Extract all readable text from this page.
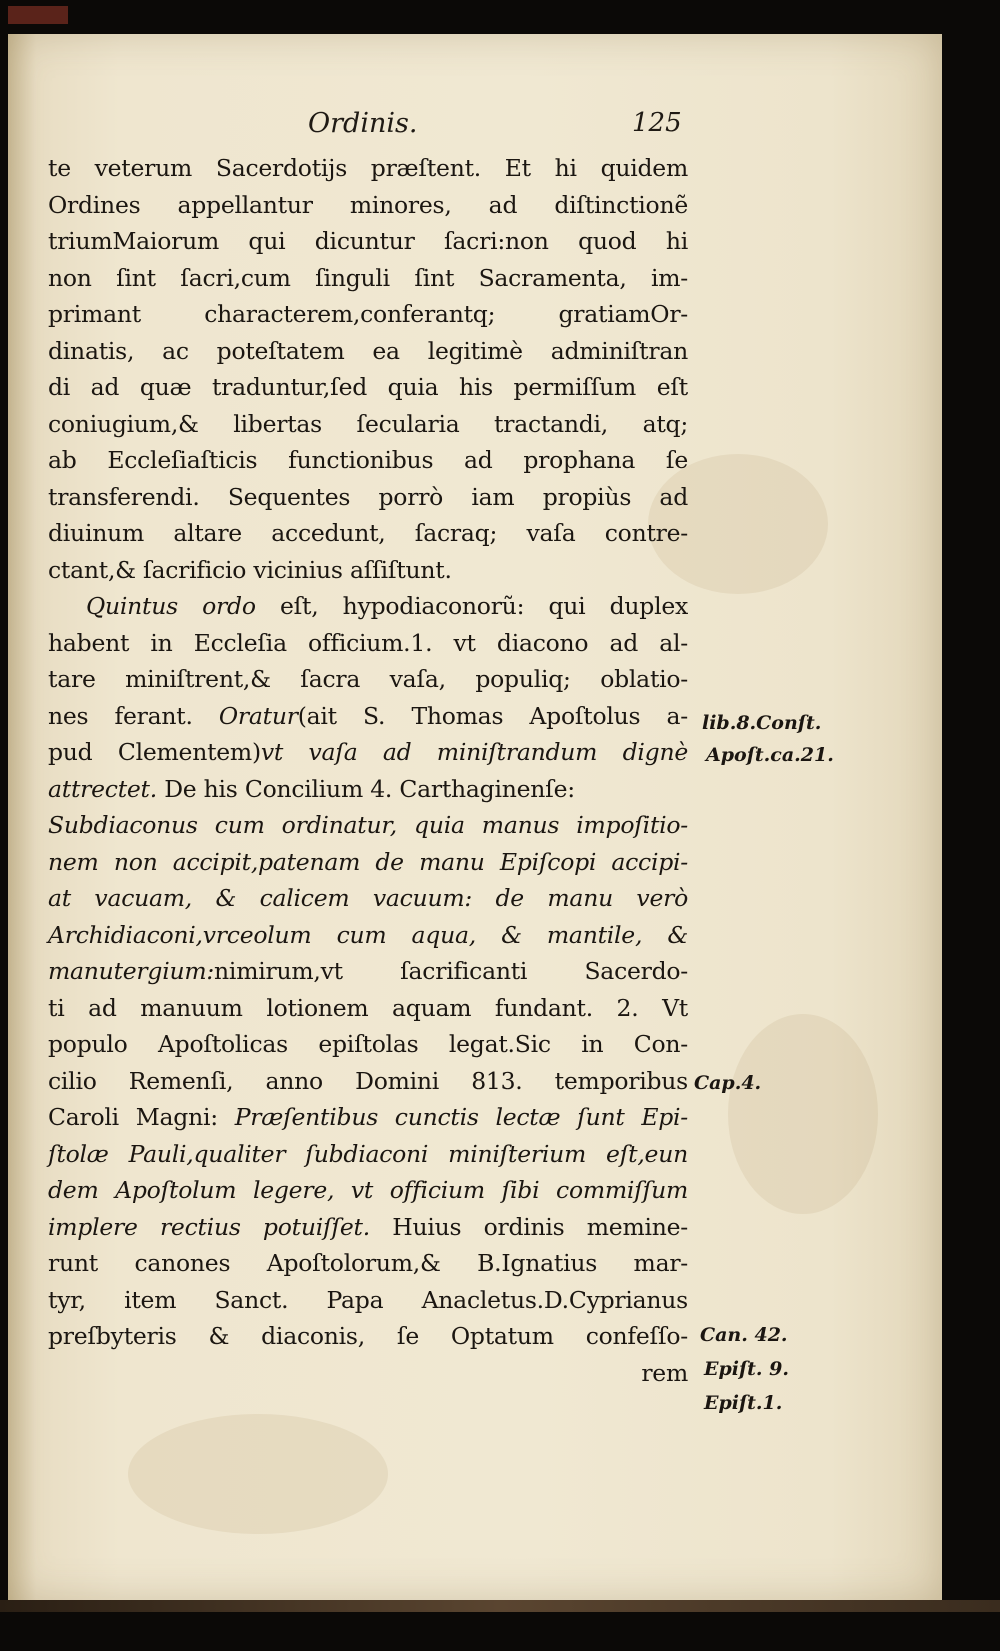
Ordinis.	125
te veterum Sacerdotijs præſtent. Et hi quidem
Ordines appellantur minores, ad diſtinctionẽ
triumMaiorum qui dicuntur ſacri:non quod hi
non ſint ſacri,cum ſinguli ſint Sacramenta, im-
primant characterem,conferantq; gratiamOr-
dinatis, ac poteſtatem ea legitimè adminiſtran
di ad quæ traduntur,ſed quia his permiſſum eſt
coniugium,& libertas ſecularia tractandi, atq;
ab Eccleſiaſticis functionibus ad prophana ſe
transferendi. Sequentes porrò iam propiùs ad
diuinum altare accedunt, ſacraq; vaſa contre-
ctant,& ſacrificio vicinius aſſiſtunt.
Quintus ordo eſt, hypodiaconorũ: qui duplex
habent in Eccleſia officium.1. vt diacono ad al-
tare miniſtrent,& ſacra vaſa, populiq; oblatio-
nes ferant. Oratur(ait S. Thomas Apoſtolus a-
pud Clementem)vt vaſa ad miniſtrandum dignè
attrectet. De his Concilium 4. Carthaginenſe:
Subdiaconus cum ordinatur, quia manus impoſitio-
nem non accipit,patenam de manu Epiſcopi accipi-
at vacuam, & calicem vacuum: de manu verò
Archidiaconi,vrceolum cum aqua, & mantile, &
manutergium:nimirum,vt ſacrificanti Sacerdo-
ti ad manuum lotionem aquam fundant. 2. Vt
populo Apoſtolicas epiſtolas legat.Sic in Con-
cilio Remenſi, anno Domini 813. temporibus
Caroli Magni: Præſentibus cunctis lectæ ſunt Epi-
ſtolæ Pauli,qualiter ſubdiaconi miniſterium eſt,eun
dem Apoſtolum legere, vt officium ſibi commiſſum
implere rectius potuiſſet. Huius ordinis memine-
runt canones Apoſtolorum,& B.Ignatius mar-
tyr, item Sanct. Papa Anacletus.D.Cyprianus
preſbyteris & diaconis, ſe Optatum confeſſo-
rem
lib.8.Conſt.
Apoſt.ca.21.
Cap.4.
Can. 42.
Epiſt. 9.
Epiſt.1.
